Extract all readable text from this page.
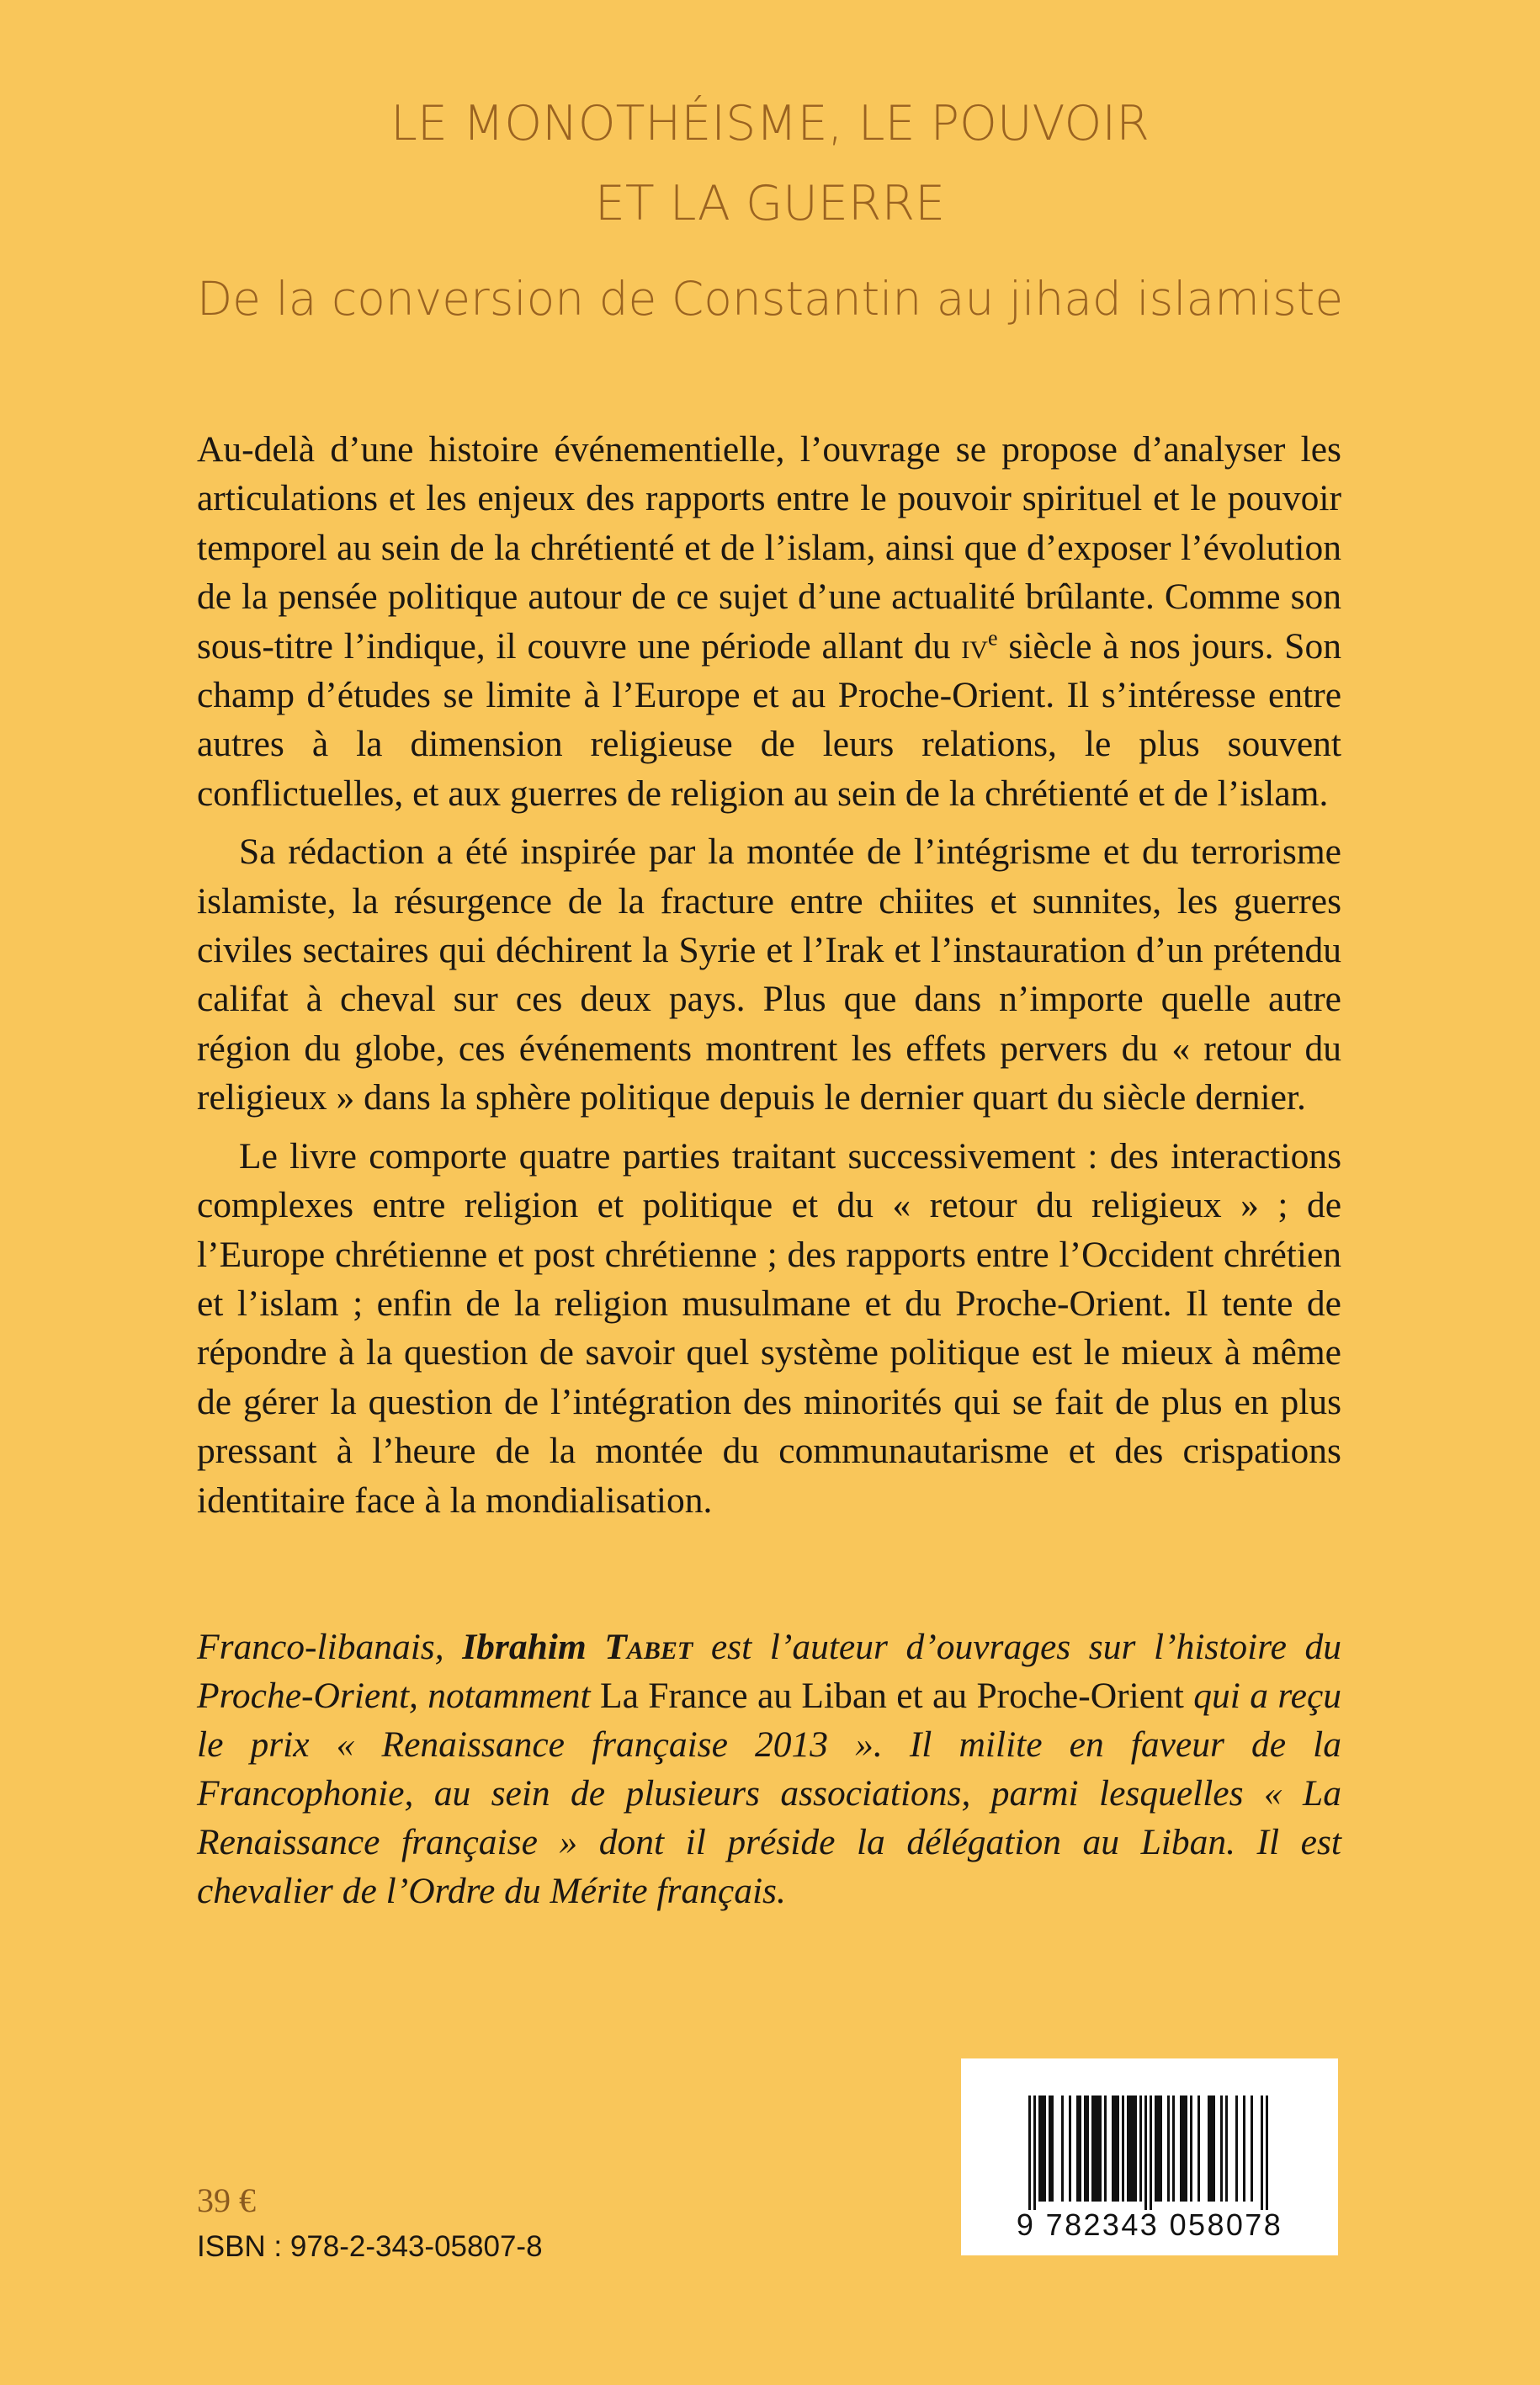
LE MONOTHÉISME, LE POUVOIR
ET LA GUERRE
De la conversion de Constantin au jihad islamiste

Au-delà d’une histoire événementielle, l’ouvrage se propose d’analyser les articulations et les enjeux des rapports entre le pouvoir spirituel et le pouvoir temporel au sein de la chrétienté et de l’islam, ainsi que d’exposer l’évolution de la pensée politique autour de ce sujet d’une actualité brûlante. Comme son sous-titre l’indique, il couvre une période allant du $iv^e$ siècle à nos jours. Son champ d’études se limite à l’Europe et au Proche-Orient. Il s’intéresse entre autres à la dimension religieuse de leurs relations, le plus souvent conflictuelles, et aux guerres de religion au sein de la chrétienté et de l’islam.

Sa rédaction a été inspirée par la montée de l’intégrisme et du terrorisme islamiste, la résurgence de la fracture entre chiites et sunnites, les guerres civiles sectaires qui déchirent la Syrie et l’Irak et l’instauration d’un prétendu califat à cheval sur ces deux pays. Plus que dans n’importe quelle autre région du globe, ces événements montrent les effets pervers du « retour du religieux » dans la sphère politique depuis le dernier quart du siècle dernier.

Le livre comporte quatre parties traitant successivement : des interactions complexes entre religion et politique et du « retour du religieux » ; de l’Europe chrétienne et post chrétienne ; des rapports entre l’Occident chrétien et l’islam ; enfin de la religion musulmane et du Proche-Orient. Il tente de répondre à la question de savoir quel système politique est le mieux à même de gérer la question de l’intégration des minorités qui se fait de plus en plus pressant à l’heure de la montée du communautarisme et des crispations identitaire face à la mondialisation.

Franco-libanais, Ibrahim Tabet est l’auteur d’ouvrages sur l’histoire du Proche-Orient, notamment La France au Liban et au Proche-Orient qui a reçu le prix « Renaissance française 2013 ». Il milite en faveur de la Francophonie, au sein de plusieurs associations, parmi lesquelles « La Renaissance française » dont il préside la délégation au Liban. Il est chevalier de l’Ordre du Mérite français.

39 €
ISBN : 978-2-343-05807-8
9 782343 058078
